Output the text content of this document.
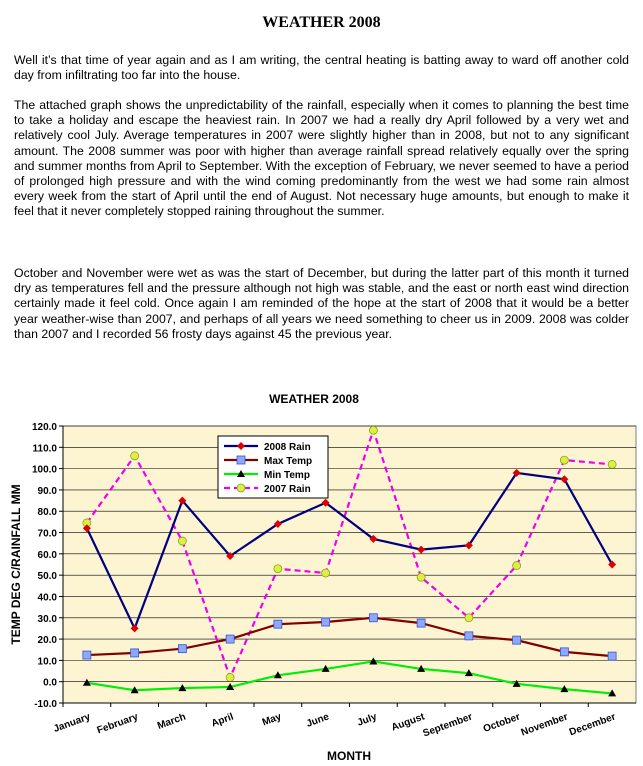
WEATHER 2008

Well it’s that time of year again and as I am writing, the central heating is batting away to ward off another cold day from infiltrating too far into the house.

The attached graph shows the unpredictability of the rainfall, especially when it comes to planning the best time to take a holiday and escape the heaviest rain. In 2007 we had a really dry April followed by a very wet and relatively cool July. Average temperatures in 2007 were slightly higher than in 2008, but not to any significant amount. The 2008 summer was poor with higher than average rainfall spread relatively equally over the spring and summer months from April to September. With the exception of February, we never seemed to have a period of prolonged high pressure and with the wind coming predominantly from the west we had some rain almost every week from the start of April until the end of August. Not necessary huge amounts, but enough to make it feel that it never completely stopped raining throughout the summer.

October and November were wet as was the start of December, but during the latter part of this month it turned dry as temperatures fell and the pressure although not high was stable, and the east or north east wind direction certainly made it feel cold. Once again I am reminded of the hope at the start of 2008 that it would be a better year weather-wise than 2007, and perhaps of all years we need something to cheer us in 2009. 2008 was colder than 2007 and I recorded 56 frosty days against 45 the previous year.

WEATHER 2008
-10.0
0.0
10.0
20.0
30.0
40.0
50.0
60.0
70.0
80.0
90.0
100.0
110.0
120.0
January February March April	May June	July August
September October
November
December
TEMP DEG C/RAINFALL MM
MONTH
2008 Rain
Max Temp
Min Temp
2007 Rain
